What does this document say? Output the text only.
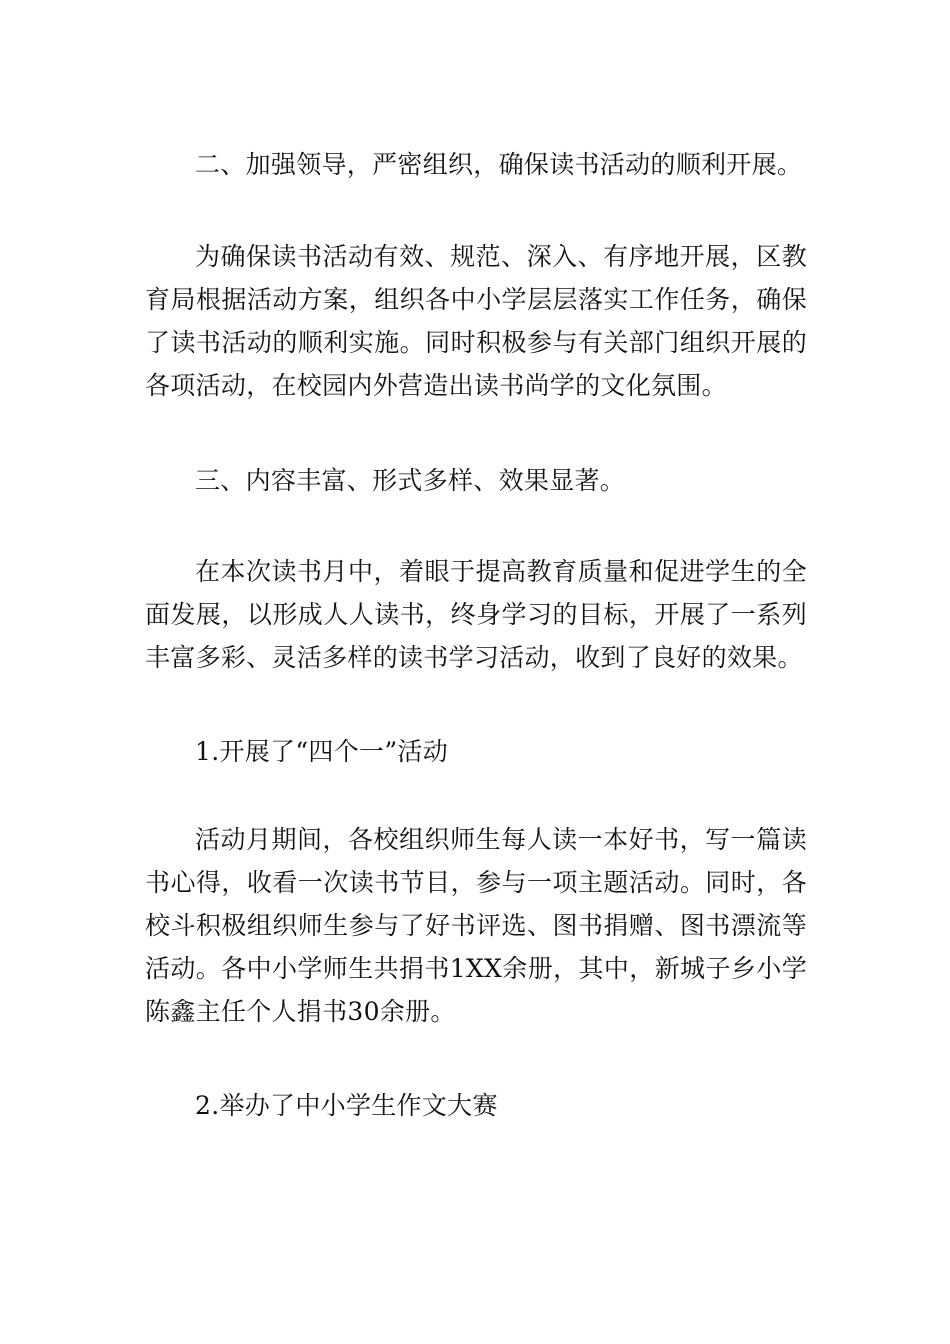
二、加强领导，严密组织，确保读书活动的顺利开展。

为确保读书活动有效、规范、深入、有序地开展，区教育局根据活动方案，组织各中小学层层落实工作任务，确保了读书活动的顺利实施。同时积极参与有关部门组织开展的各项活动，在校园内外营造出读书尚学的文化氛围。

三、内容丰富、形式多样、效果显著。

在本次读书月中，着眼于提高教育质量和促进学生的全面发展，以形成人人读书，终身学习的目标，开展了一系列丰富多彩、灵活多样的读书学习活动，收到了良好的效果。

1.开展了“四个一”活动

活动月期间，各校组织师生每人读一本好书，写一篇读书心得，收看一次读书节目，参与一项主题活动。同时，各校斗积极组织师生参与了好书评选、图书捐赠、图书漂流等活动。各中小学师生共捐书1XX余册，其中，新城子乡小学陈鑫主任个人捐书30余册。

2.举办了中小学生作文大赛
